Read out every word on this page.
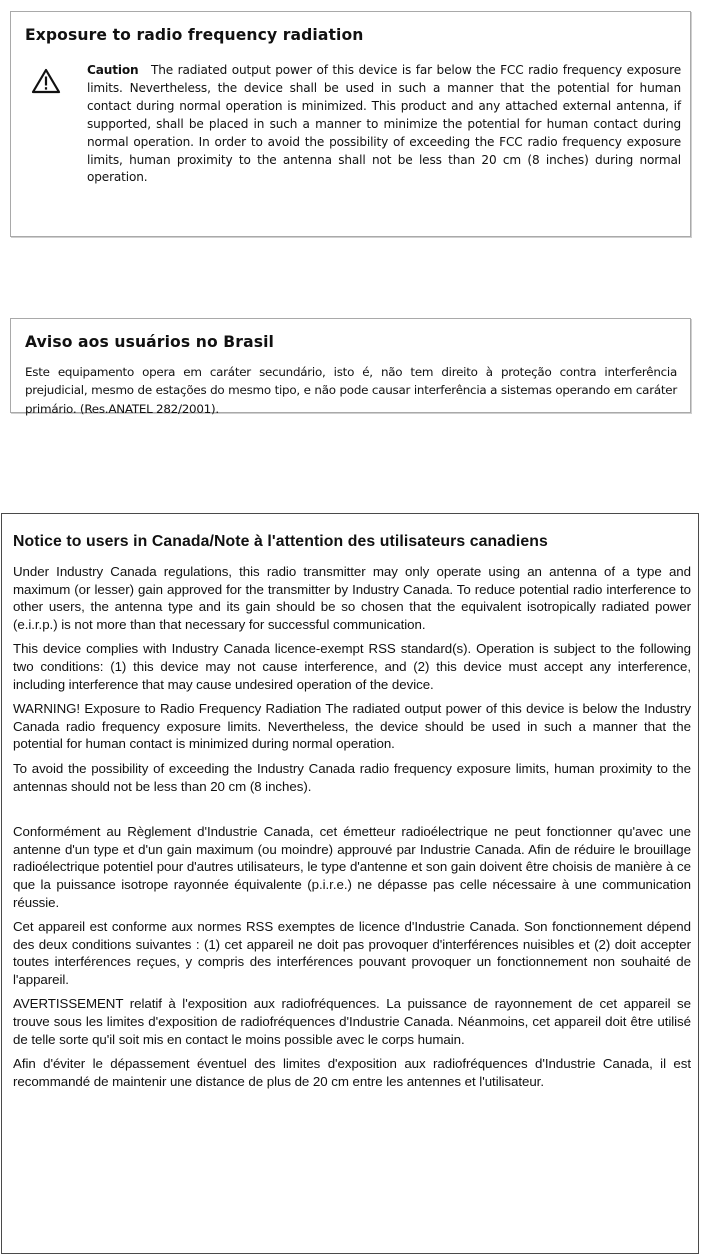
Exposure to radio frequency radiation
Caution The radiated output power of this device is far below the FCC radio frequency exposure limits. Nevertheless, the device shall be used in such a manner that the potential for human contact during normal operation is minimized. This product and any attached external antenna, if supported, shall be placed in such a manner to minimize the potential for human contact during normal operation. In order to avoid the possibility of exceeding the FCC radio frequency exposure limits, human proximity to the antenna shall not be less than 20 cm (8 inches) during normal operation.
Aviso aos usuários no Brasil
Este equipamento opera em caráter secundário, isto é, não tem direito à proteção contra interferência prejudicial, mesmo de estações do mesmo tipo, e não pode causar interferência a sistemas operando em caráter primário. (Res.ANATEL 282/2001).
Notice to users in Canada/Note à l'attention des utilisateurs canadiens

Under Industry Canada regulations, this radio transmitter may only operate using an antenna of a type and maximum (or lesser) gain approved for the transmitter by Industry Canada. To reduce potential radio interference to other users, the antenna type and its gain should be so chosen that the equivalent isotropically radiated power (e.i.r.p.) is not more than that necessary for successful communication.

This device complies with Industry Canada licence-exempt RSS standard(s). Operation is subject to the following two conditions: (1) this device may not cause interference, and (2) this device must accept any interference, including interference that may cause undesired operation of the device.

WARNING! Exposure to Radio Frequency Radiation The radiated output power of this device is below the Industry Canada radio frequency exposure limits. Nevertheless, the device should be used in such a manner that the potential for human contact is minimized during normal operation.

To avoid the possibility of exceeding the Industry Canada radio frequency exposure limits, human proximity to the antennas should not be less than 20 cm (8 inches).

Conformément au Règlement d'Industrie Canada, cet émetteur radioélectrique ne peut fonctionner qu'avec une antenne d'un type et d'un gain maximum (ou moindre) approuvé par Industrie Canada. Afin de réduire le brouillage radioélectrique potentiel pour d'autres utilisateurs, le type d'antenne et son gain doivent être choisis de manière à ce que la puissance isotrope rayonnée équivalente (p.i.r.e.) ne dépasse pas celle nécessaire à une communication réussie.

Cet appareil est conforme aux normes RSS exemptes de licence d'Industrie Canada. Son fonctionnement dépend des deux conditions suivantes : (1) cet appareil ne doit pas provoquer d'interférences nuisibles et (2) doit accepter toutes interférences reçues, y compris des interférences pouvant provoquer un fonctionnement non souhaité de l'appareil.

AVERTISSEMENT relatif à l'exposition aux radiofréquences. La puissance de rayonnement de cet appareil se trouve sous les limites d'exposition de radiofréquences d'Industrie Canada. Néanmoins, cet appareil doit être utilisé de telle sorte qu'il soit mis en contact le moins possible avec le corps humain.

Afin d'éviter le dépassement éventuel des limites d'exposition aux radiofréquences d'Industrie Canada, il est recommandé de maintenir une distance de plus de 20 cm entre les antennes et l'utilisateur.
